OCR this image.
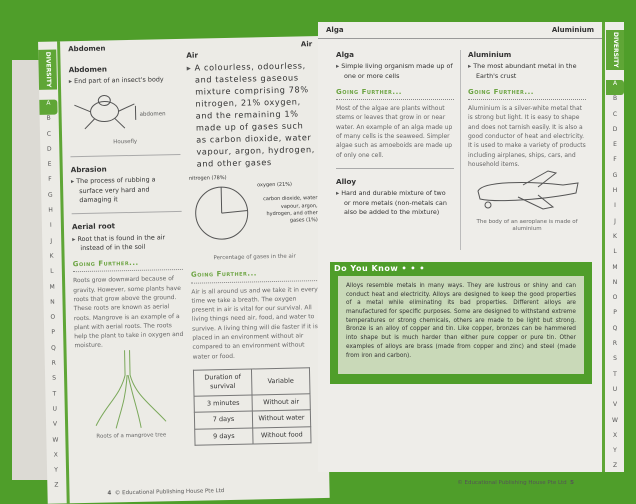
DIVERSITY
A
B
C
D
E
F
G
H
I
J
K
L
M
N
O
P
Q
R
S
T
U
V
W
X
Y
Z
Abdomen
Air
Abdomen
▸ End part of an insect's body
abdomen
Housefly
Abrasion
▸ The process of rubbing a surface very hard and damaging it
Aerial root
▸ Root that is found in the air instead of in the soil
Going Further...
Roots grow downward because of gravity. However, some plants have roots that grow above the ground. These roots are known as aerial roots. Mangrove is an example of a plant with aerial roots. The roots help the plant to take in oxygen and moisture.
Roots of a mangrove tree
Air
▸ A colourless, odourless, and tasteless gaseous mixture comprising 78% nitrogen, 21% oxygen, and the remaining 1% made up of gases such as carbon dioxide, water vapour, argon, hydrogen, and other gases
nitrogen (78%)
oxygen (21%)
carbon dioxide, water vapour, argon, hydrogen, and other gases (1%)
Percentage of gases in the air
Going Further...
Air is all around us and we take it in every time we take a breath. The oxygen present in air is vital for our survival. All living things need air, food, and water to survive. A living thing will die faster if it is placed in an environment without air compared to an environment without water or food.
Duration of survival	Variable
3 minutes	Without air
7 days	Without water
9 days	Without food
4 © Educational Publishing House Pte Ltd
DIVERSITY
A
B
C
D
E
F
G
H
I
J
K
L
M
N
O
P
Q
R
S
T
U
V
W
X
Y
Z
Alga	Aluminium
Alga
▸ Simple living organism made up of one or more cells
Going Further...
Most of the algae are plants without stems or leaves that grow in or near water. An example of an alga made up of many cells is the seaweed. Simpler algae such as amoeboids are made up of only one cell.
Alloy
▸ Hard and durable mixture of two or more metals (non-metals can also be added to the mixture)
Aluminium
▸ The most abundant metal in the Earth's crust
Going Further...
Aluminium is a silver-white metal that is strong but light. It is easy to shape and does not tarnish easily. It is also a good conductor of heat and electricity. It is used to make a variety of products including airplanes, ships, cars, and household items.
The body of an aeroplane is made of aluminium
Do You Know • • •
Alloys resemble metals in many ways. They are lustrous or shiny and can conduct heat and electricity. Alloys are designed to keep the good properties of a metal while eliminating its bad properties. Different alloys are manufactured for specific purposes. Some are designed to withstand extreme temperatures or strong chemicals, others are made to be light but strong. Bronze is an alloy of copper and tin. Like copper, bronzes can be hammered into shape but is much harder than either pure copper or pure tin. Other examples of alloys are brass (made from copper and zinc) and steel (made from iron and carbon).
© Educational Publishing House Pte Ltd 5
